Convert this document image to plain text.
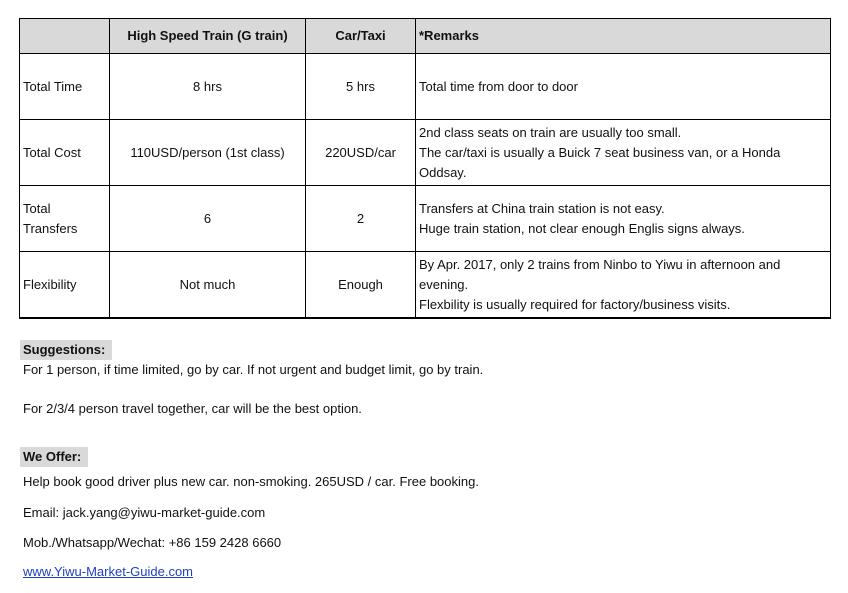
	High Speed Train (G train)	Car/Taxi	*Remarks
Total Time	8 hrs	5 hrs	Total time from door to door

Total Cost	110USD/person (1st class)	220USD/car	2nd class seats on train are usually too small.
The car/taxi is usually a Buick 7 seat business van, or a Honda Oddsay.

Total Transfers	6	2	Transfers at China train station is not easy.
Huge train station, not clear enough Englis signs always.

Flexibility	Not much	Enough	By Apr. 2017, only 2 trains from Ninbo to Yiwu in afternoon and evening.
Flexbility is usually required for factory/business visits.
Suggestions:
For 1 person, if time limited, go by car. If not urgent and budget limit, go by train.
For 2/3/4 person travel together, car will be the best option.
We Offer:
Help book good driver plus new car. non-smoking. 265USD / car. Free booking.
Email: jack.yang@yiwu-market-guide.com
Mob./Whatsapp/Wechat: +86 159 2428 6660
www.Yiwu-Market-Guide.com
